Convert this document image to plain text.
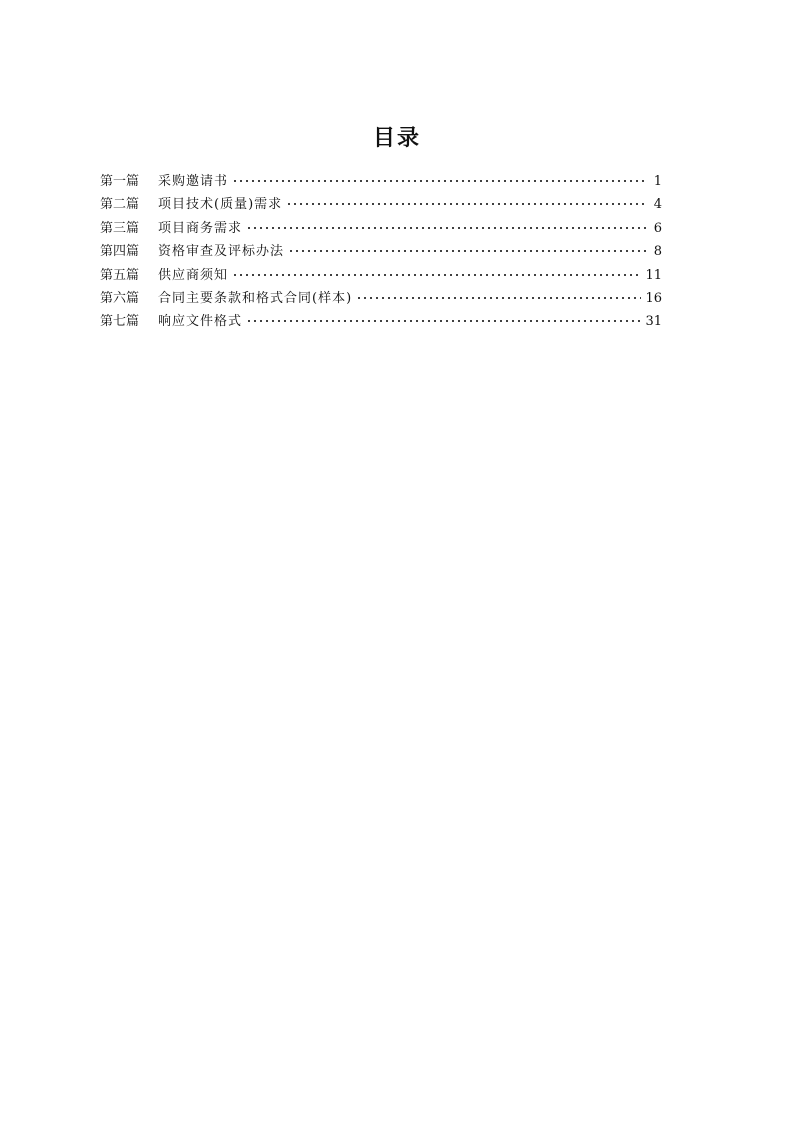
目录
第一篇	采购邀请书	1
第二篇	项目技术(质量)需求	4
第三篇	项目商务需求	6
第四篇	资格审查及评标办法	8
第五篇	供应商须知	11
第六篇	合同主要条款和格式合同(样本)	16
第七篇	响应文件格式	31
